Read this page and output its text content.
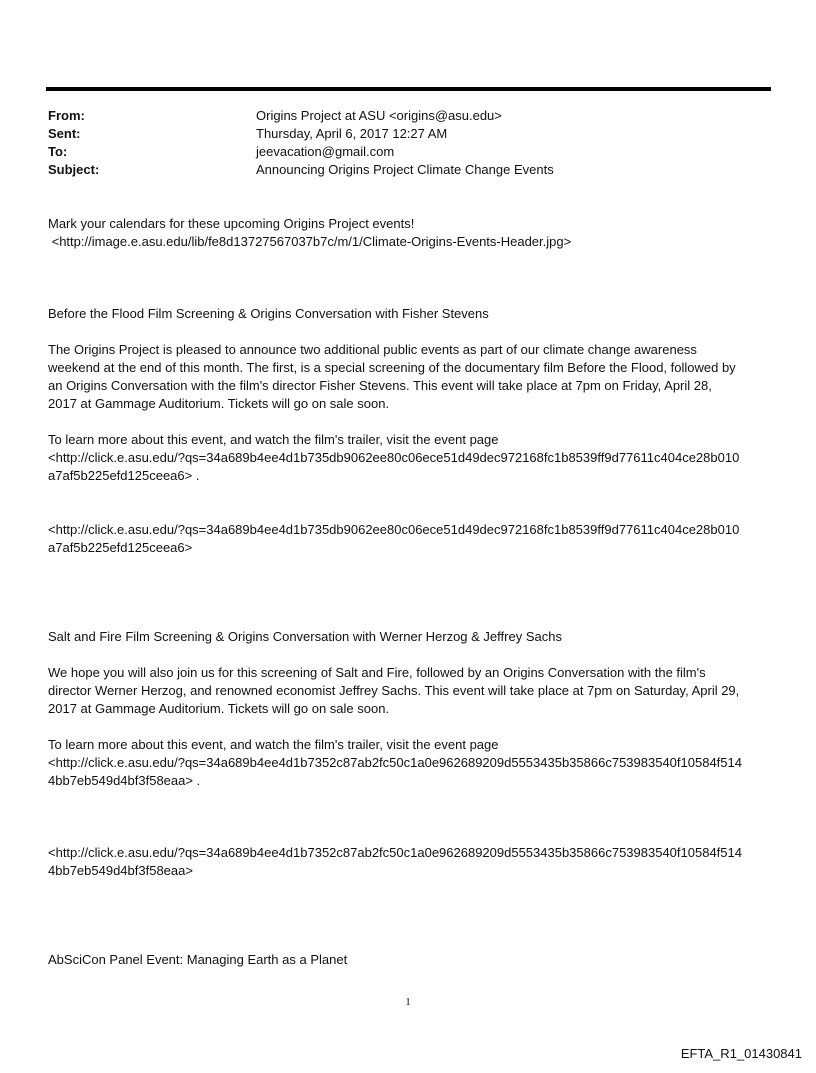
From:	Origins Project at ASU <origins@asu.edu>
Sent:	Thursday, April 6, 2017 12:27 AM
To:	jeevacation@gmail.com
Subject:	Announcing Origins Project Climate Change Events

Mark your calendars for these upcoming Origins Project events!
<http://image.e.asu.edu/lib/fe8d13727567037b7c/m/1/Climate-Origins-Events-Header.jpg>

Before the Flood Film Screening & Origins Conversation with Fisher Stevens

The Origins Project is pleased to announce two additional public events as part of our climate change awareness
weekend at the end of this month. The first, is a special screening of the documentary film Before the Flood, followed by
an Origins Conversation with the film's director Fisher Stevens. This event will take place at 7pm on Friday, April 28,
2017 at Gammage Auditorium. Tickets will go on sale soon.

To learn more about this event, and watch the film's trailer, visit the event page
<http://click.e.asu.edu/?qs=34a689b4ee4d1b735db9062ee80c06ece51d49dec972168fc1b8539ff9d77611c404ce28b010
a7af5b225efd125ceea6> .

<http://click.e.asu.edu/?qs=34a689b4ee4d1b735db9062ee80c06ece51d49dec972168fc1b8539ff9d77611c404ce28b010
a7af5b225efd125ceea6>

Salt and Fire Film Screening & Origins Conversation with Werner Herzog & Jeffrey Sachs

We hope you will also join us for this screening of Salt and Fire, followed by an Origins Conversation with the film's
director Werner Herzog, and renowned economist Jeffrey Sachs. This event will take place at 7pm on Saturday, April 29,
2017 at Gammage Auditorium. Tickets will go on sale soon.

To learn more about this event, and watch the film's trailer, visit the event page
<http://click.e.asu.edu/?qs=34a689b4ee4d1b7352c87ab2fc50c1a0e962689209d5553435b35866c753983540f10584f514
4bb7eb549d4bf3f58eaa> .

<http://click.e.asu.edu/?qs=34a689b4ee4d1b7352c87ab2fc50c1a0e962689209d5553435b35866c753983540f10584f514
4bb7eb549d4bf3f58eaa>

AbSciCon Panel Event: Managing Earth as a Planet

1
EFTA_R1_01430841
